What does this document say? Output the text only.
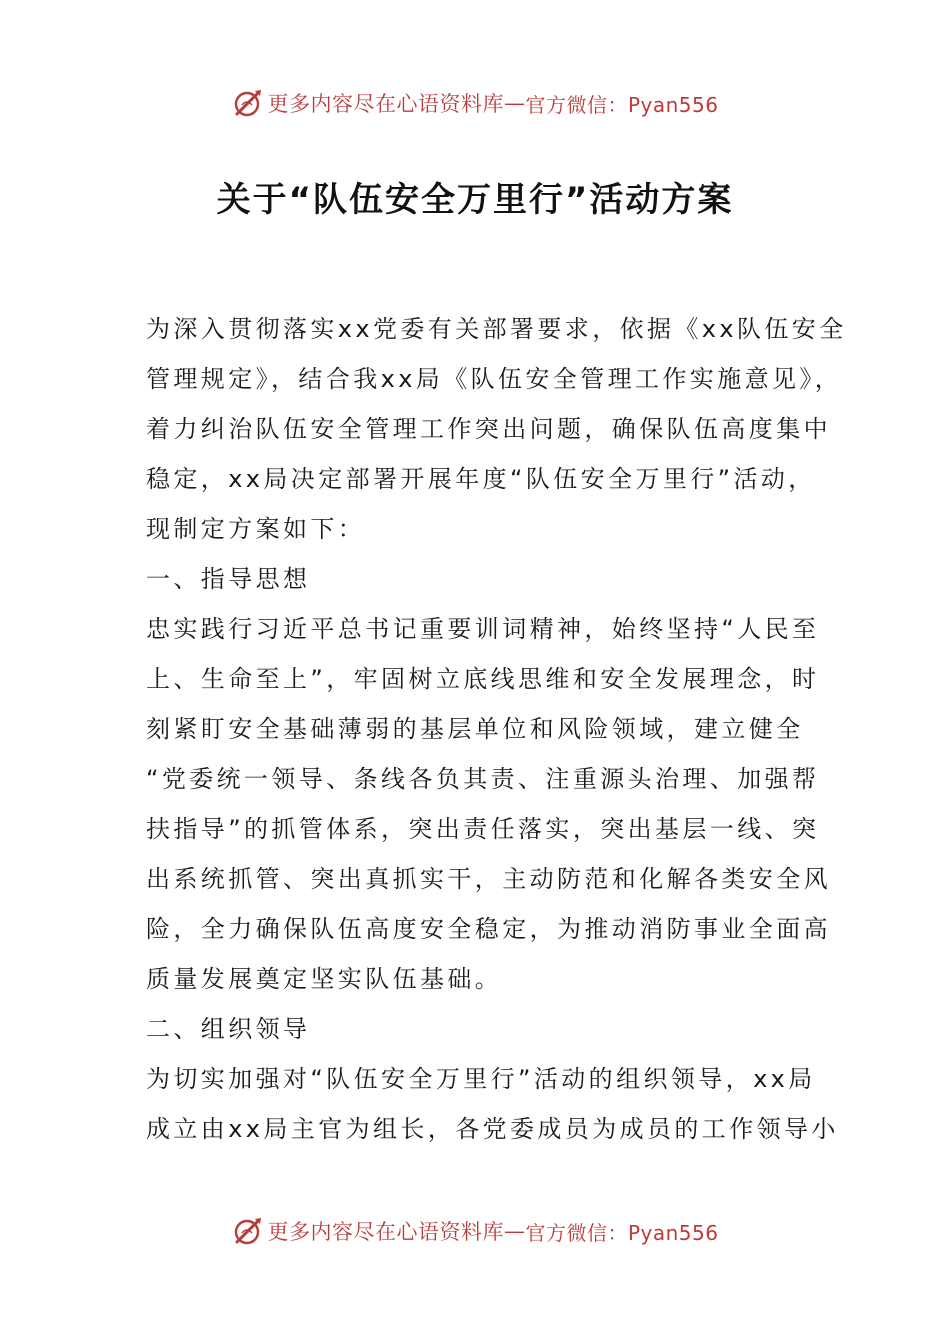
更多内容尽在心语资料库 — 官方微信：Pyan556
关于“队伍安全万里行”活动方案
为深入贯彻落实xx党委有关部署要求，依据《xx队伍安全
管理规定》，结合我xx局《队伍安全管理工作实施意见》，
着力纠治队伍安全管理工作突出问题，确保队伍高度集中
稳定，xx局决定部署开展年度“队伍安全万里行”活动，
现制定方案如下：
一、指导思想
忠实践行习近平总书记重要训词精神，始终坚持“人民至
上、生命至上”，牢固树立底线思维和安全发展理念，时
刻紧盯安全基础薄弱的基层单位和风险领域，建立健全
“党委统一领导、条线各负其责、注重源头治理、加强帮
扶指导”的抓管体系，突出责任落实，突出基层一线、突
出系统抓管、突出真抓实干，主动防范和化解各类安全风
险，全力确保队伍高度安全稳定，为推动消防事业全面高
质量发展奠定坚实队伍基础。
二、组织领导
为切实加强对“队伍安全万里行”活动的组织领导，xx局
成立由xx局主官为组长，各党委成员为成员的工作领导小
更多内容尽在心语资料库 — 官方微信：Pyan556
